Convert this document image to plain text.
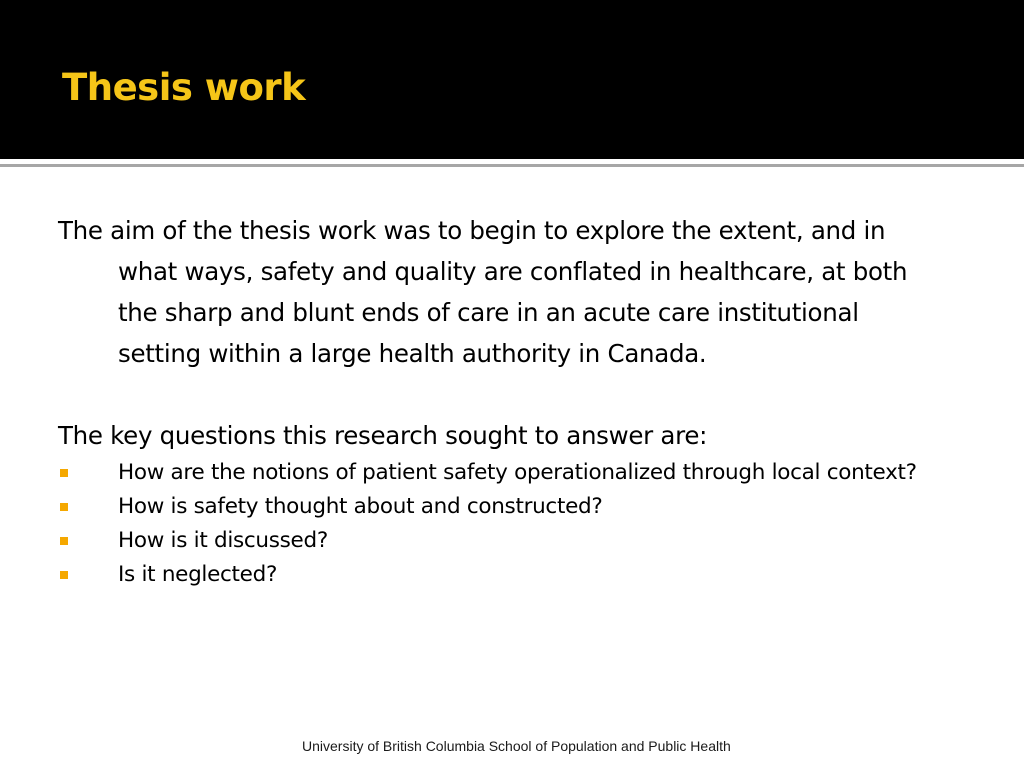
Thesis work

The aim of the thesis work was to begin to explore the extent, and in what ways, safety and quality are conflated in healthcare, at both the sharp and blunt ends of care in an acute care institutional setting within a large health authority in Canada.

The key questions this research sought to answer are:

How are the notions of patient safety operationalized through local context?
How is safety thought about and constructed?
How is it discussed?
Is it neglected?
University of British Columbia School of Population and Public Health
